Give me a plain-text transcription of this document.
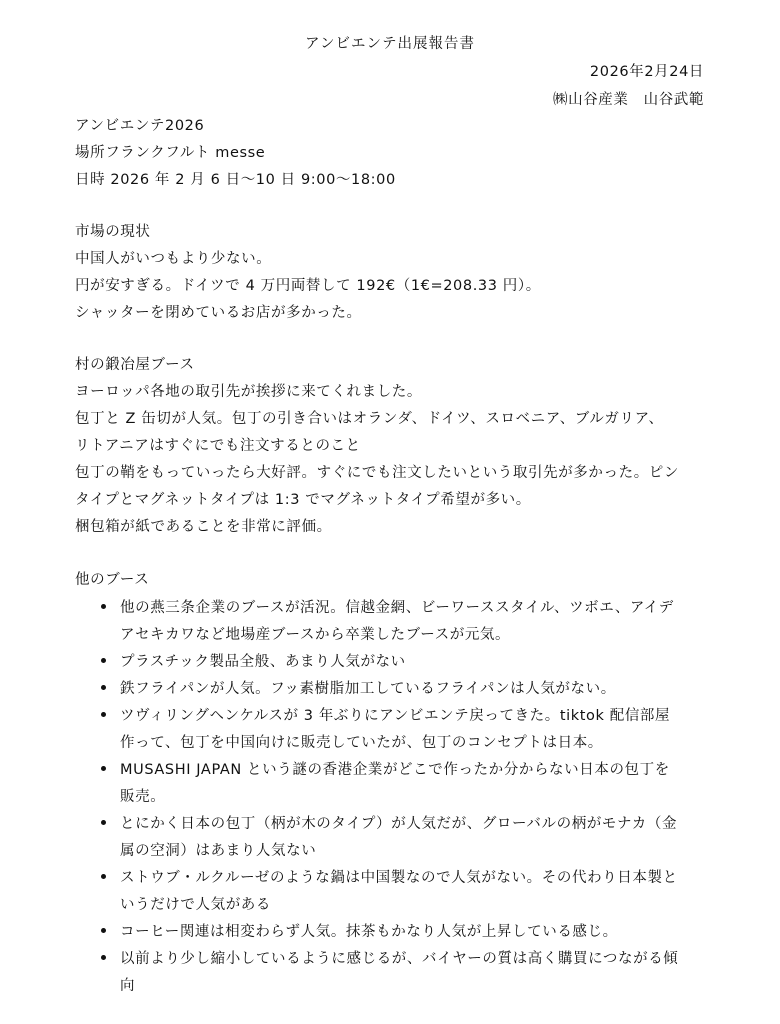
アンビエンテ出展報告書
2026年2月24日
㈱山谷産業　山谷武範
アンビエンテ2026
場所フランクフルト messe
日時 2026 年 2 月 6 日～10 日 9:00～18:00
市場の現状
中国人がいつもより少ない。
円が安すぎる。ドイツで 4 万円両替して 192€（1€=208.33 円）。
シャッターを閉めているお店が多かった。
村の鍛冶屋ブース
ヨーロッパ各地の取引先が挨拶に来てくれました。
包丁と Z 缶切が人気。包丁の引き合いはオランダ、ドイツ、スロベニア、ブルガリア、
リトアニアはすぐにでも注文するとのこと
包丁の鞘をもっていったら大好評。すぐにでも注文したいという取引先が多かった。ピン
タイプとマグネットタイプは 1:3 でマグネットタイプ希望が多い。
梱包箱が紙であることを非常に評価。
他のブース
他の燕三条企業のブースが活況。信越金網、ビーワーススタイル、ツボエ、アイデ
アセキカワなど地場産ブースから卒業したブースが元気。
プラスチック製品全般、あまり人気がない
鉄フライパンが人気。フッ素樹脂加工しているフライパンは人気がない。
ツヴィリングヘンケルスが 3 年ぶりにアンビエンテ戻ってきた。tiktok 配信部屋
作って、包丁を中国向けに販売していたが、包丁のコンセプトは日本。
MUSASHI JAPAN という謎の香港企業がどこで作ったか分からない日本の包丁を
販売。
とにかく日本の包丁（柄が木のタイプ）が人気だが、グローバルの柄がモナカ（金
属の空洞）はあまり人気ない
ストウブ・ルクルーゼのような鍋は中国製なので人気がない。その代わり日本製と
いうだけで人気がある
コーヒー関連は相変わらず人気。抹茶もかなり人気が上昇している感じ。
以前より少し縮小しているように感じるが、バイヤーの質は高く購買につながる傾
向
